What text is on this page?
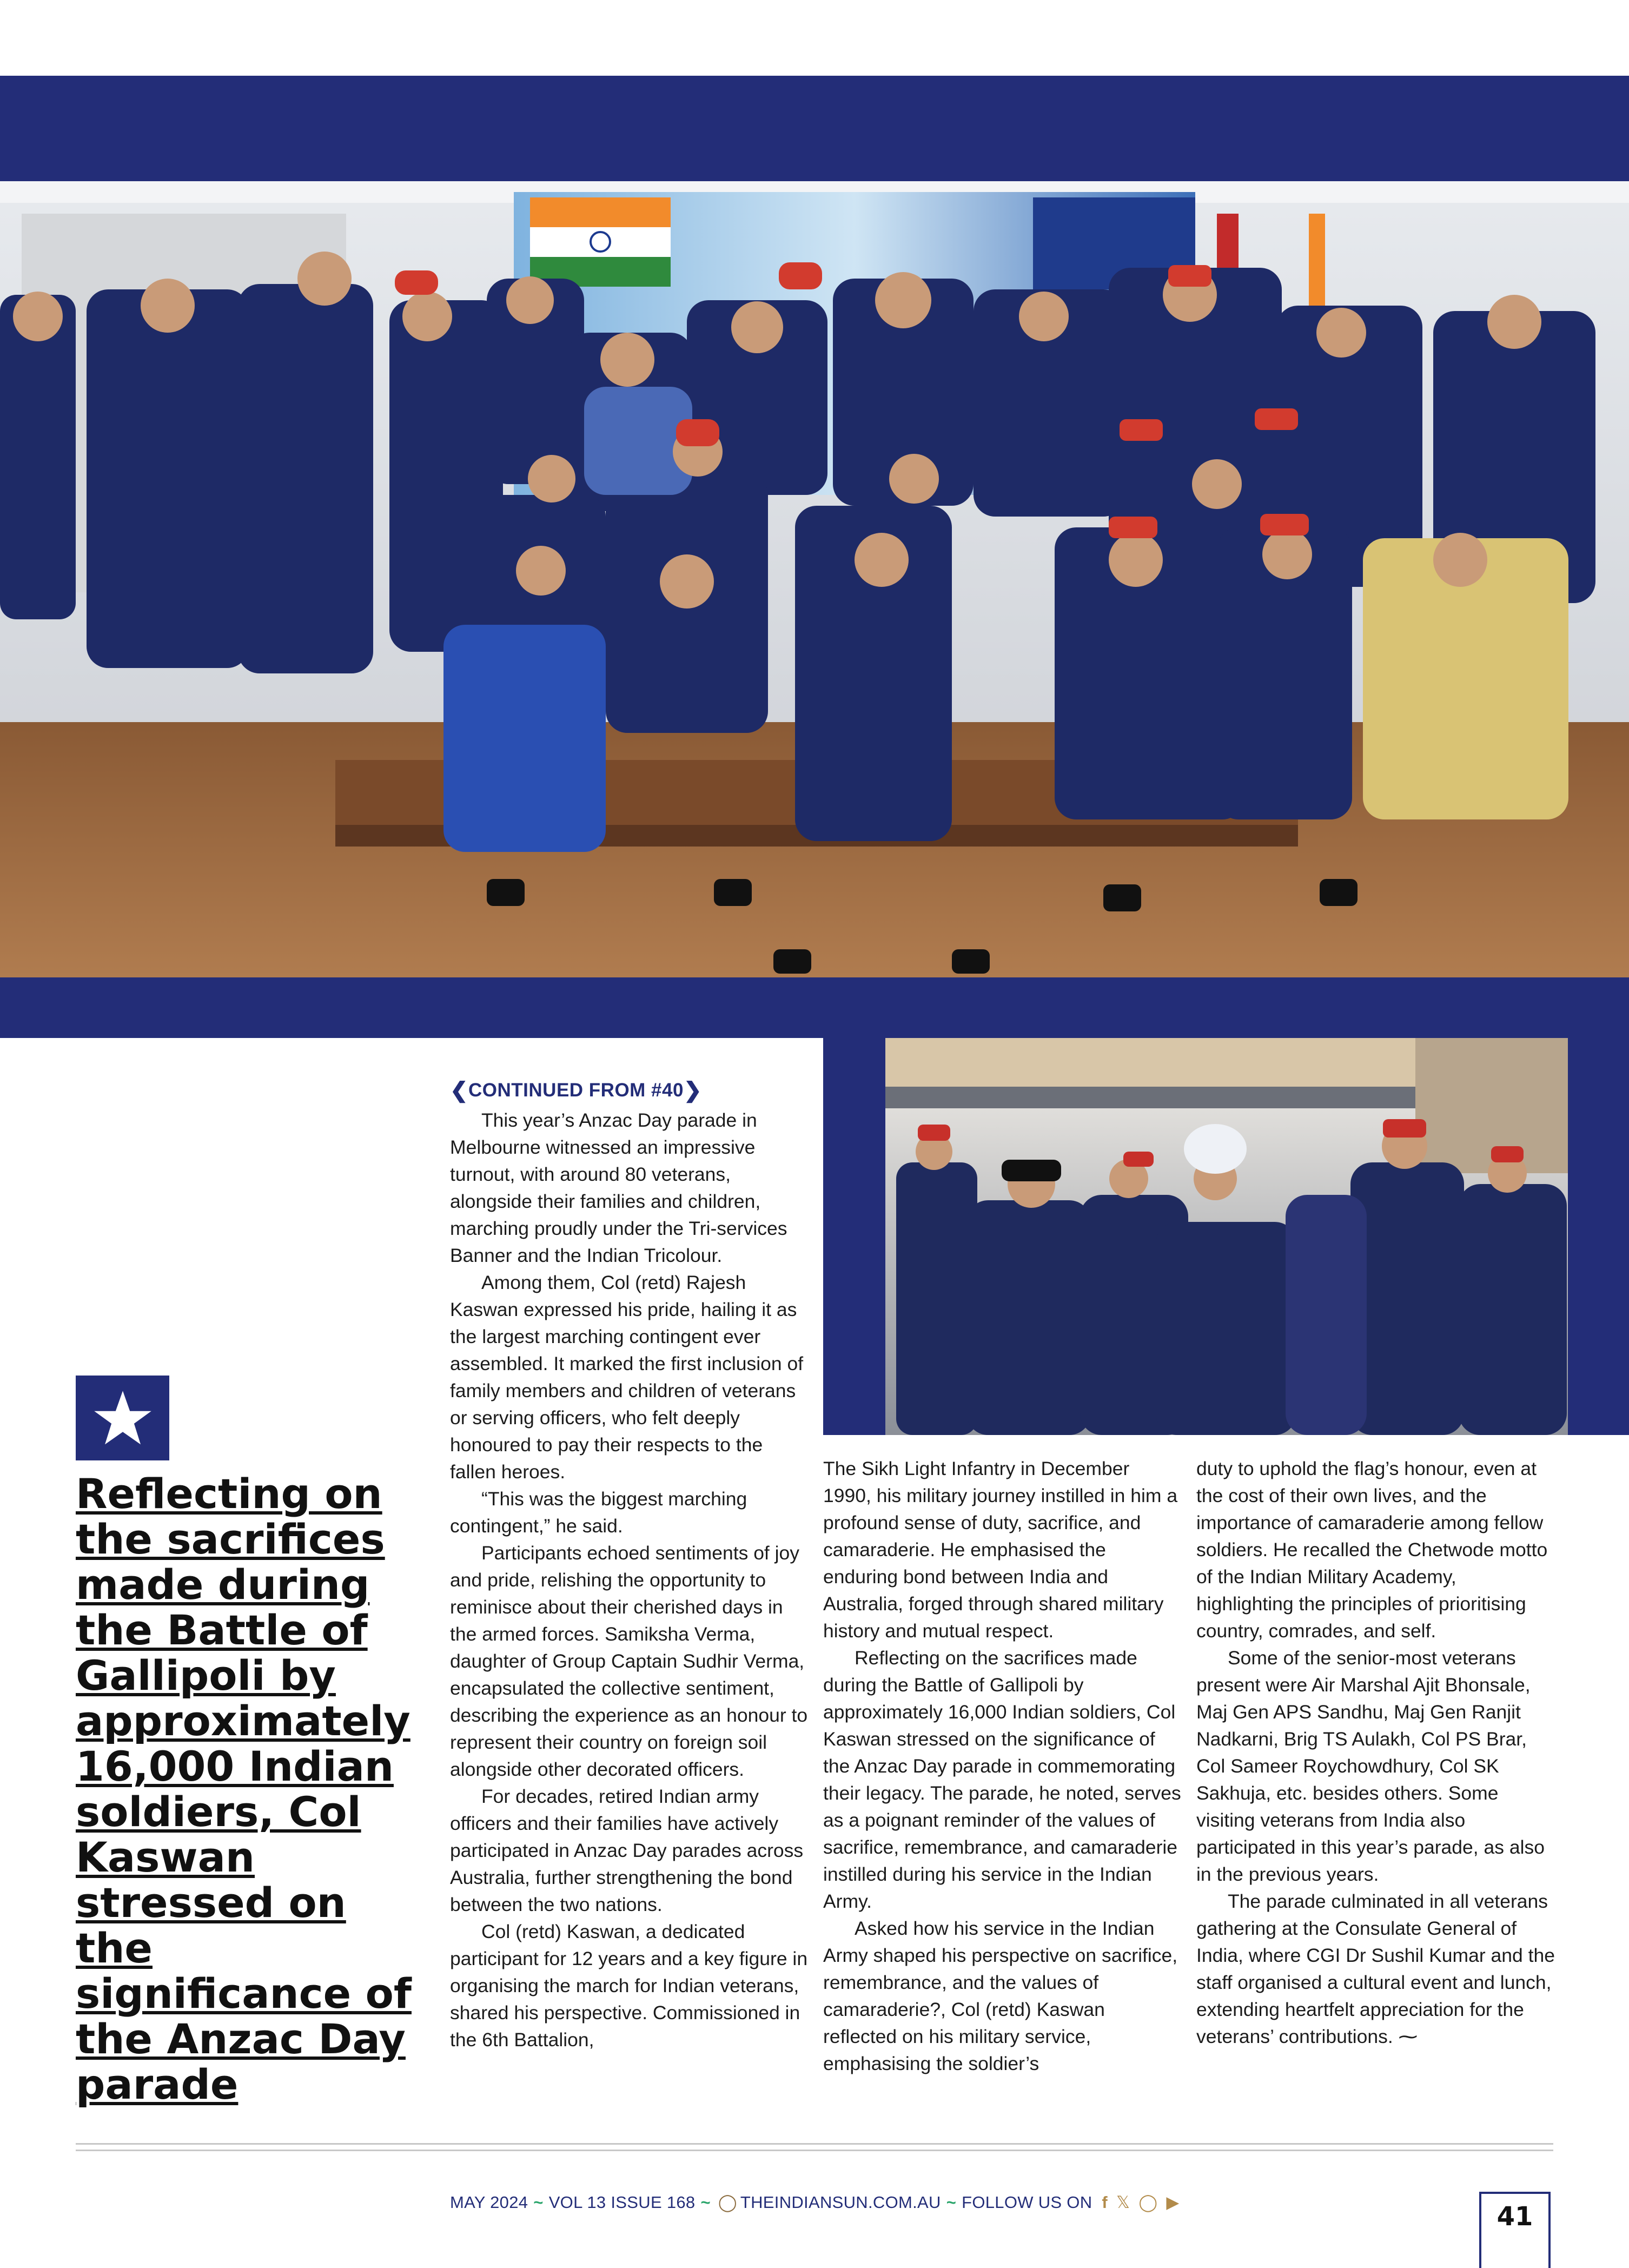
❮CONTINUED FROM #40❯

This year’s Anzac Day parade in Melbourne witnessed an impressive turnout, with around 80 veterans, alongside their families and children, marching proudly under the Tri-services Banner and the Indian Tricolour.

Among them, Col (retd) Rajesh Kaswan expressed his pride, hailing it as the largest marching contingent ever assembled. It marked the first inclusion of family members and children of veterans or serving officers, who felt deeply honoured to pay their respects to the fallen heroes.

“This was the biggest marching contingent,” he said.

Participants echoed sentiments of joy and pride, relishing the opportunity to reminisce about their cherished days in the armed forces. Samiksha Verma, daughter of Group Captain Sudhir Verma, encapsulated the collective sentiment, describing the experience as an honour to represent their country on foreign soil alongside other decorated officers.

For decades, retired Indian army officers and their families have actively participated in Anzac Day parades across Australia, further strengthening the bond between the two nations.

Col (retd) Kaswan, a dedicated participant for 12 years and a key figure in organising the march for Indian veterans, shared his perspective. Commissioned in the 6th Battalion,

The Sikh Light Infantry in December 1990, his military journey instilled in him a profound sense of duty, sacrifice, and camaraderie. He emphasised the enduring bond between India and Australia, forged through shared military history and mutual respect.

Reflecting on the sacrifices made during the Battle of Gallipoli by approximately 16,000 Indian soldiers, Col Kaswan stressed on the significance of the Anzac Day parade in commemorating their legacy. The parade, he noted, serves as a poignant reminder of the values of sacrifice, remembrance, and camaraderie instilled during his service in the Indian Army.

Asked how his service in the Indian Army shaped his perspective on sacrifice, remembrance, and the values of camaraderie?, Col (retd) Kaswan reflected on his military service, emphasising the soldier’s

duty to uphold the flag’s honour, even at the cost of their own lives, and the importance of camaraderie among fellow soldiers. He recalled the Chetwode motto of the Indian Military Academy, highlighting the principles of prioritising country, comrades, and self.

Some of the senior-most veterans present were Air Marshal Ajit Bhonsale, Maj Gen APS Sandhu, Maj Gen Ranjit Nadkarni, Brig TS Aulakh, Col PS Brar, Col Sameer Roychowdhury, Col SK Sakhuja, etc. besides others. Some visiting veterans from India also participated in this year’s parade, as also in the previous years.

The parade culminated in all veterans gathering at the Consulate General of India, where CGI Dr Sushil Kumar and the staff organised a cultural event and lunch, extending heartfelt appreciation for the veterans’ contributions. ⁓

Reflecting on the sacrifices made during the Battle of Gallipoli by approximately 16,000 Indian soldiers, Col Kaswan stressed on the significance of the Anzac Day parade

MAY 2024 ~ VOL 13 ISSUE 168 ~ ◯ THEINDIANSUN.COM.AU ~ FOLLOW US ON f 𝕏 ◯ ▶	41
